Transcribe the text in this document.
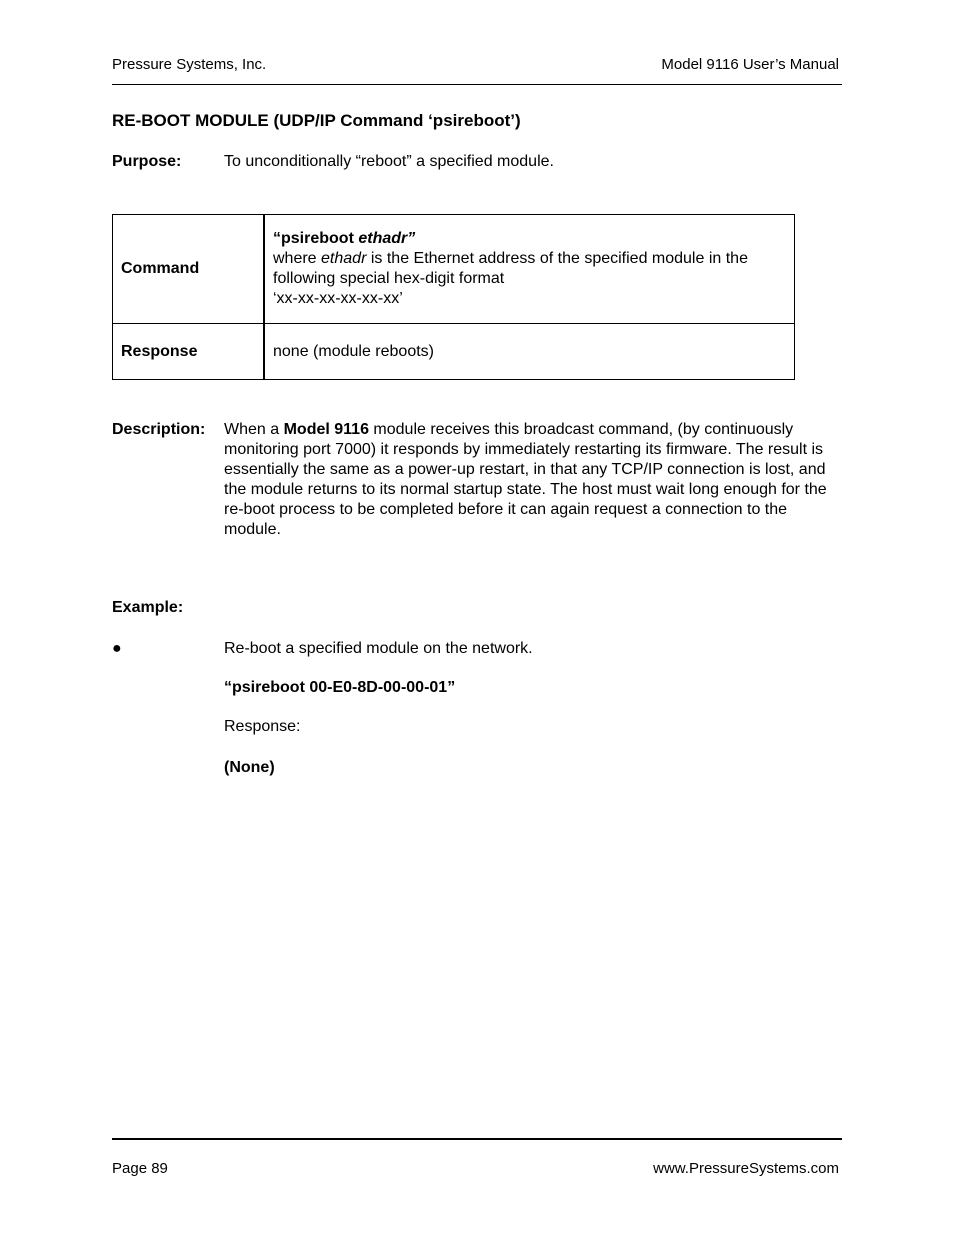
Pressure Systems, Inc.	Model 9116 User’s Manual
RE-BOOT MODULE (UDP/IP Command ‘psireboot’)
Purpose:	To unconditionally “reboot” a specified module.
Command	“psireboot ethadr”
where ethadr is the Ethernet address of the specified module in the following special hex-digit format
‘xx-xx-xx-xx-xx-xx’

Response	none (module reboots)
Description: When a Model 9116 module receives this broadcast command, (by continuously monitoring port 7000) it responds by immediately restarting its firmware. The result is essentially the same as a power-up restart, in that any TCP/IP connection is lost, and the module returns to its normal startup state. The host must wait long enough for the re-boot process to be completed before it can again request a connection to the module.
Example:
●	Re-boot a specified module on the network.
“psireboot 00-E0-8D-00-00-01”
Response:
(None)
Page 89	www.PressureSystems.com
